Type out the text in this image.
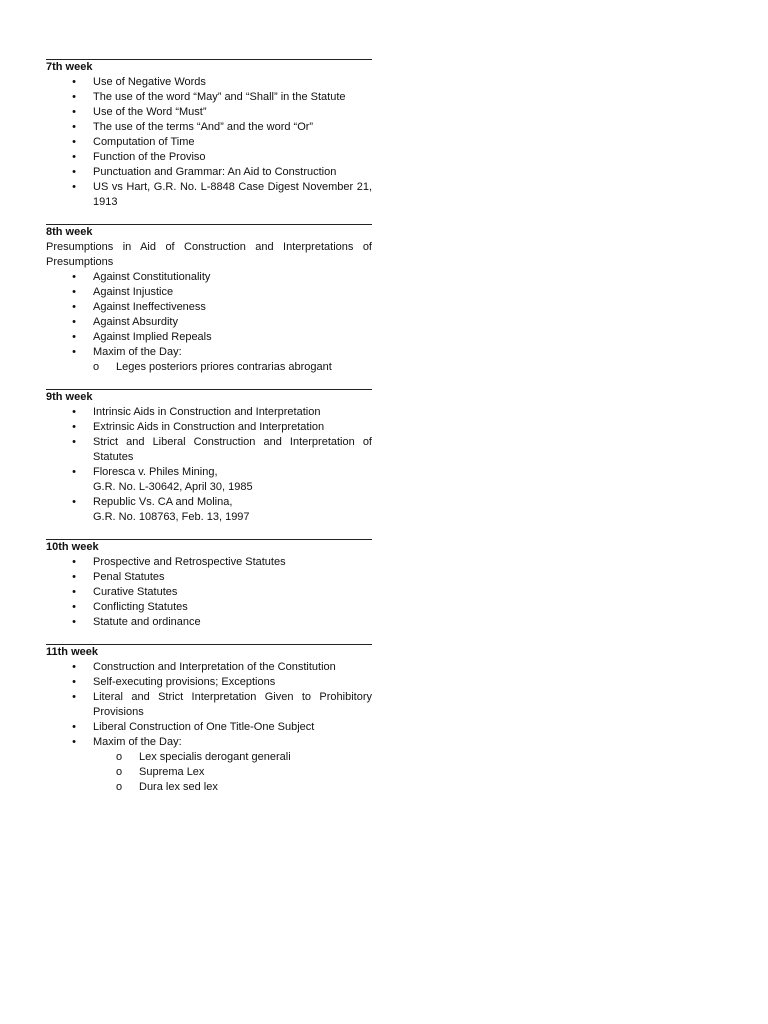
7th week
• Use of Negative Words
• The use of the word “May” and “Shall” in the Statute
• Use of the Word “Must”
• The use of the terms “And” and the word “Or”
• Computation of Time
• Function of the Proviso
• Punctuation and Grammar: An Aid to Construction
• US vs Hart, G.R. No. L-8848 Case Digest November 21, 1913
8th week
Presumptions in Aid of Construction and Interpretations of Presumptions
• Against Constitutionality
• Against Injustice
• Against Ineffectiveness
• Against Absurdity
• Against Implied Repeals
• Maxim of the Day:
o Leges posteriors priores contrarias abrogant
9th week
• Intrinsic Aids in Construction and Interpretation
• Extrinsic Aids in Construction and Interpretation
• Strict and Liberal Construction and Interpretation of Statutes
• Floresca v. Philes Mining,
G.R. No. L-30642, April 30, 1985
• Republic Vs. CA and Molina,
G.R. No. 108763, Feb. 13, 1997
10th week
• Prospective and Retrospective Statutes
• Penal Statutes
• Curative Statutes
• Conflicting Statutes
• Statute and ordinance
11th week
• Construction and Interpretation of the Constitution
• Self-executing provisions; Exceptions
• Literal and Strict Interpretation Given to Prohibitory Provisions
• Liberal Construction of One Title-One Subject
• Maxim of the Day:
o Lex specialis derogant generali
o Suprema Lex
o Dura lex sed lex
